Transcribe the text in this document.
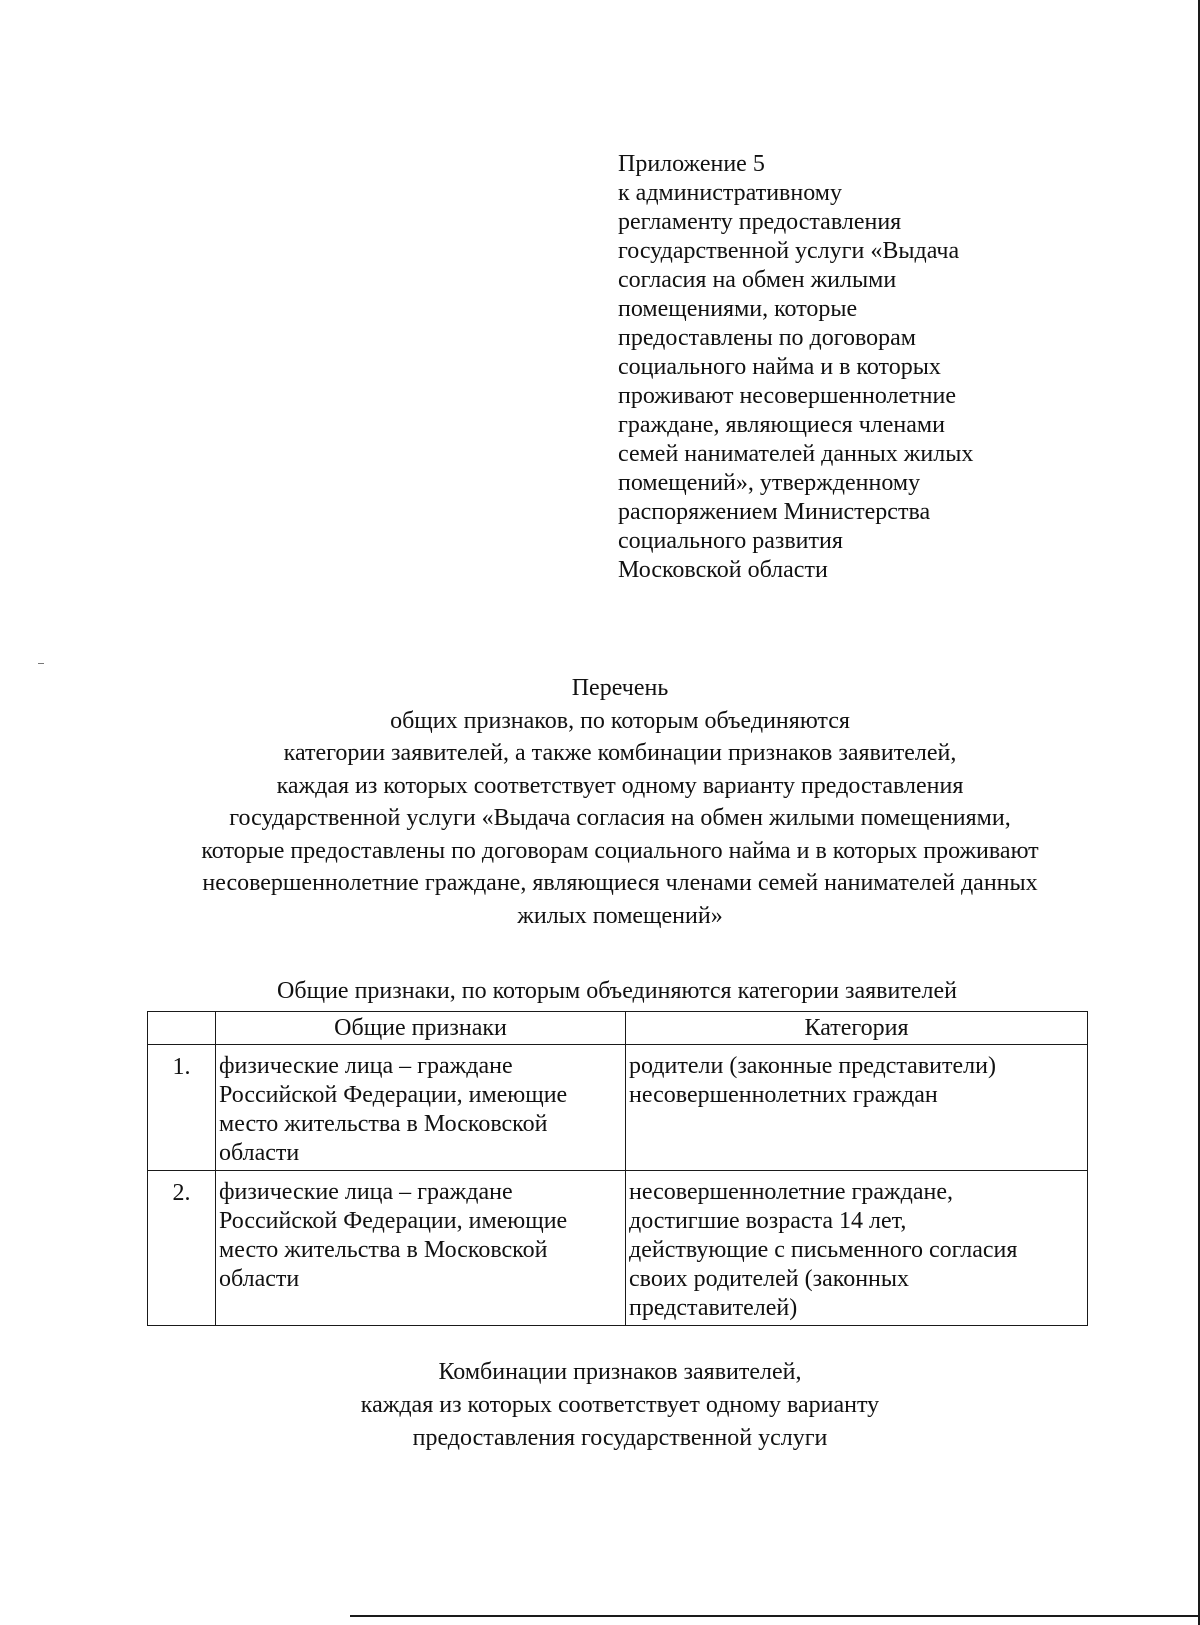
Приложение 5
к административному
регламенту предоставления
государственной услуги «Выдача
согласия на обмен жилыми
помещениями, которые
предоставлены по договорам
социального найма и в которых
проживают несовершеннолетние
граждане, являющиеся членами
семей нанимателей данных жилых
помещений», утвержденному
распоряжением Министерства
социального развития
Московской области
Перечень
общих признаков, по которым объединяются
категории заявителей, а также комбинации признаков заявителей,
каждая из которых соответствует одному варианту предоставления
государственной услуги «Выдача согласия на обмен жилыми помещениями,
которые предоставлены по договорам социального найма и в которых проживают
несовершеннолетние граждане, являющиеся членами семей нанимателей данных
жилых помещений»
Общие признаки, по которым объединяются категории заявителей
	Общие признаки	Категория
1.	физические лица – граждане
Российской Федерации, имеющие
место жительства в Московской
области	родители (законные представители)
несовершеннолетних граждан
2.	физические лица – граждане
Российской Федерации, имеющие
место жительства в Московской
области	несовершеннолетние граждане,
достигшие возраста 14 лет,
действующие с письменного согласия
своих родителей (законных
представителей)
Комбинации признаков заявителей,
каждая из которых соответствует одному варианту
предоставления государственной услуги
